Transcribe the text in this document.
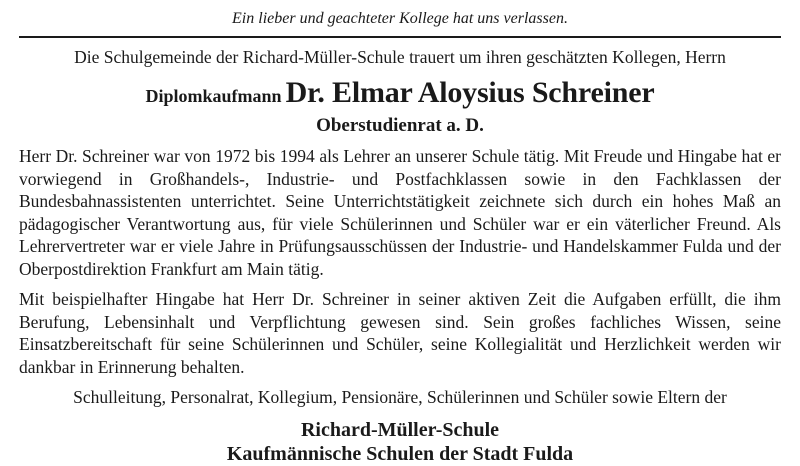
Ein lieber und geachteter Kollege hat uns verlassen.

Die Schulgemeinde der Richard-Müller-Schule trauert um ihren geschätzten Kollegen, Herrn

Diplomkaufmann Dr. Elmar Aloysius Schreiner

Oberstudienrat a. D.

Herr Dr. Schreiner war von 1972 bis 1994 als Lehrer an unserer Schule tätig. Mit Freude und Hingabe hat er vorwiegend in Großhandels-, Industrie- und Postfachklassen sowie in den Fachklassen der Bundesbahnassistenten unterrichtet. Seine Unterrichtstätigkeit zeichnete sich durch ein hohes Maß an pädagogischer Verantwortung aus, für viele Schülerinnen und Schüler war er ein väterlicher Freund. Als Lehrervertreter war er viele Jahre in Prüfungsausschüssen der Industrie- und Handelskammer Fulda und der Oberpostdirektion Frankfurt am Main tätig.

Mit beispielhafter Hingabe hat Herr Dr. Schreiner in seiner aktiven Zeit die Aufgaben erfüllt, die ihm Berufung, Lebensinhalt und Verpflichtung gewesen sind. Sein großes fachliches Wissen, seine Einsatzbereitschaft für seine Schülerinnen und Schüler, seine Kollegialität und Herzlichkeit werden wir dankbar in Erinnerung behalten.

Schulleitung, Personalrat, Kollegium, Pensionäre, Schülerinnen und Schüler sowie Eltern der

Richard-Müller-Schule

Kaufmännische Schulen der Stadt Fulda
